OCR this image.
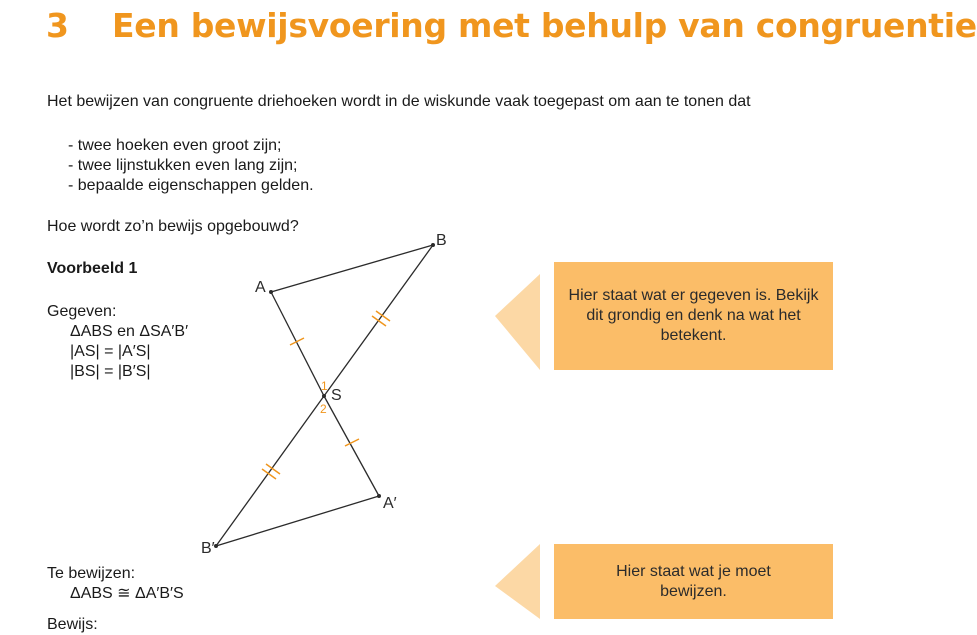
3 Een bewijsvoering met behulp van congruentie
Het bewijzen van congruente driehoeken wordt in de wiskunde vaak toegepast om aan te tonen dat
- twee hoeken even groot zijn;
- twee lijnstukken even lang zijn;
- bepaalde eigenschappen gelden.
Hoe wordt zo’n bewijs opgebouwd?
Voorbeeld 1
Gegeven:
ΔABS en ΔSA′B′
|AS| = |A′S|
|BS| = |B′S|
Te bewijzen:
ΔABS ≅ ΔA′B′S
Bewijs:
A
B
S
A′
B′
1
2
Hier staat wat er gegeven is. Bekijk dit grondig en denk na wat het betekent.
Hier staat wat je moet bewijzen.
